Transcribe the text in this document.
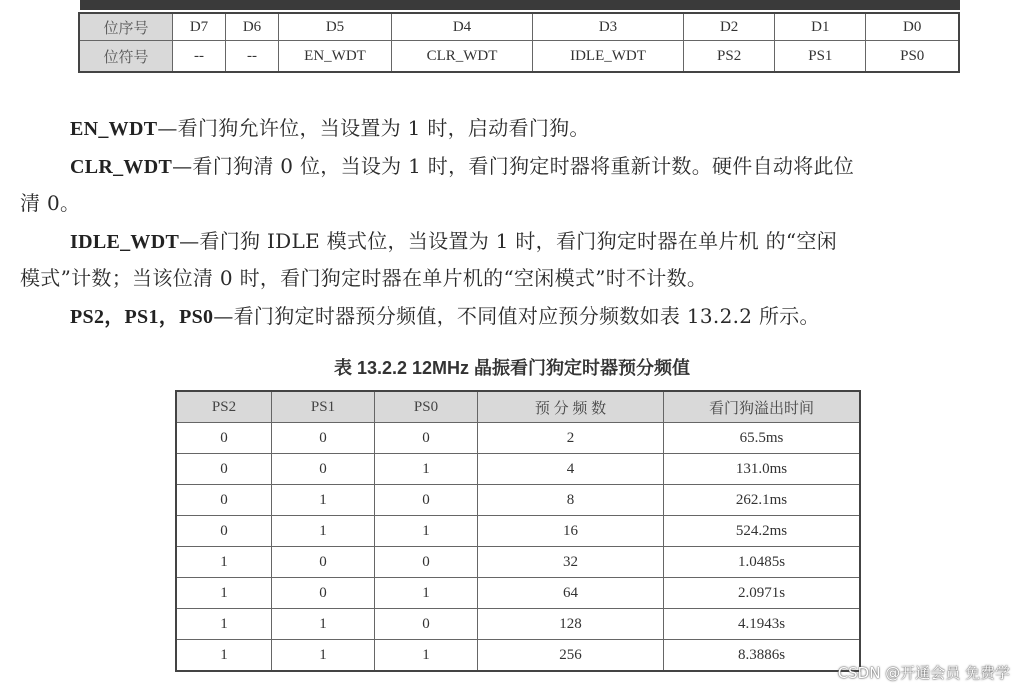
位序号	D7	D6	D5	D4	D3	D2	D1	D0
位符号	--	--	EN_WDT	CLR_WDT	IDLE_WDT	PS2	PS1	PS0
EN_WDT—看门狗允许位，当设置为 1 时，启动看门狗。
CLR_WDT—看门狗清 0 位，当设为 1 时，看门狗定时器将重新计数。硬件自动将此位
清 0。
IDLE_WDT—看门狗 IDLE 模式位，当设置为 1 时，看门狗定时器在单片机 的“空闲
模式”计数；当该位清 0 时，看门狗定时器在单片机的“空闲模式”时不计数。
PS2，PS1，PS0—看门狗定时器预分频值，不同值对应预分频数如表 13.2.2 所示。
表 13.2.2 12MHz 晶振看门狗定时器预分频值
PS2	PS1	PS0	预 分 频 数	看门狗溢出时间
0	0	0	2	65.5ms
0	0	1	4	131.0ms
0	1	0	8	262.1ms
0	1	1	16	524.2ms
1	0	0	32	1.0485s
1	0	1	64	2.0971s
1	1	0	128	4.1943s
1	1	1	256	8.3886s
CSDN @开通会员 免费学
